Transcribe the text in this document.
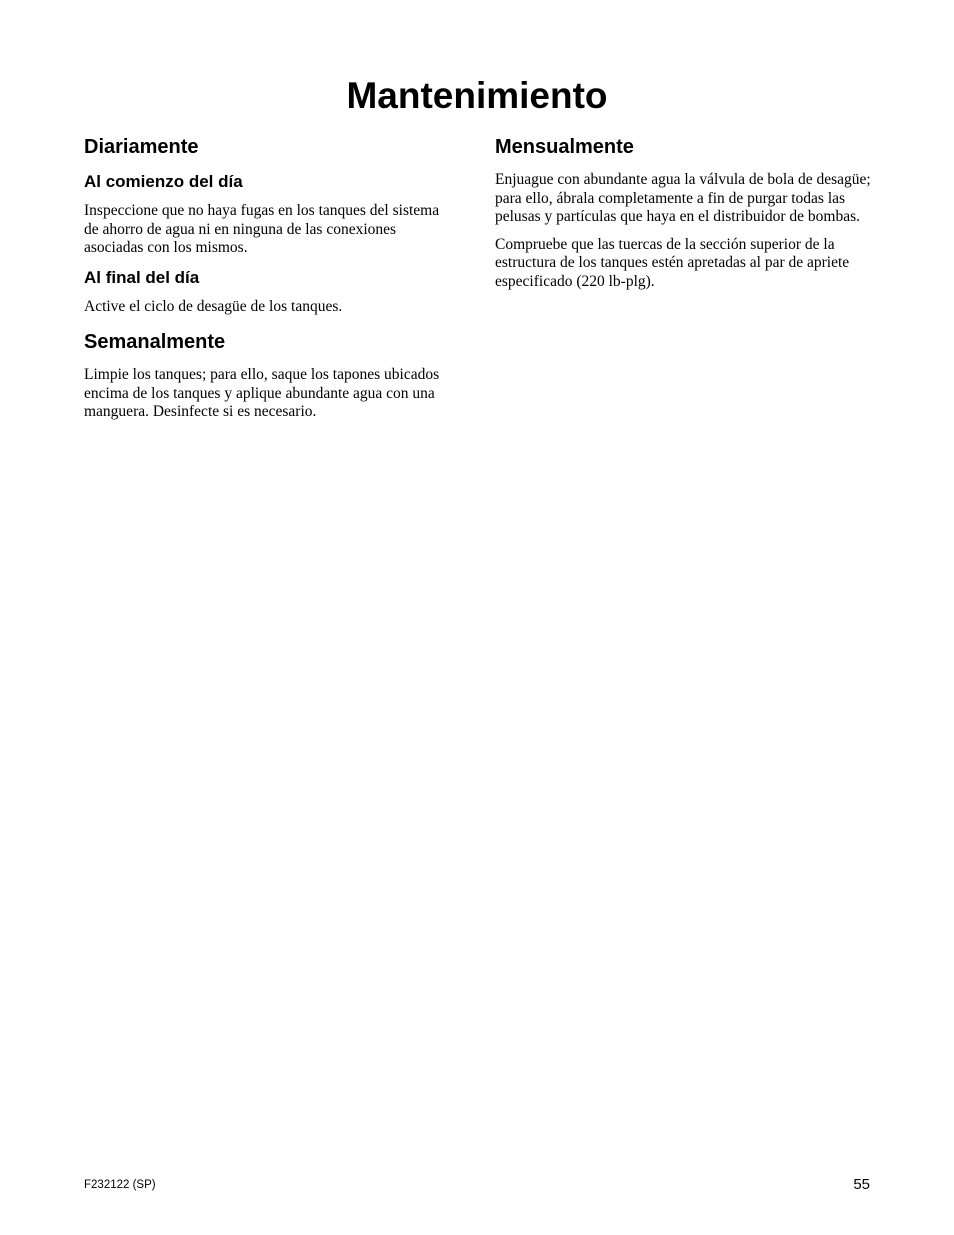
Mantenimiento
Diariamente
Al comienzo del día

Inspeccione que no haya fugas en los tanques del sistema de ahorro de agua ni en ninguna de las conexiones asociadas con los mismos.

Al final del día

Active el ciclo de desagüe de los tanques.

Semanalmente

Limpie los tanques; para ello, saque los tapones ubicados encima de los tanques y aplique abundante agua con una manguera. Desinfecte si es necesario.

Mensualmente

Enjuague con abundante agua la válvula de bola de desagüe; para ello, ábrala completamente a fin de purgar todas las pelusas y partículas que haya en el distribuidor de bombas.

Compruebe que las tuercas de la sección superior de la estructura de los tanques estén apretadas al par de apriete especificado (220 lb-plg).

F232122 (SP)	55
